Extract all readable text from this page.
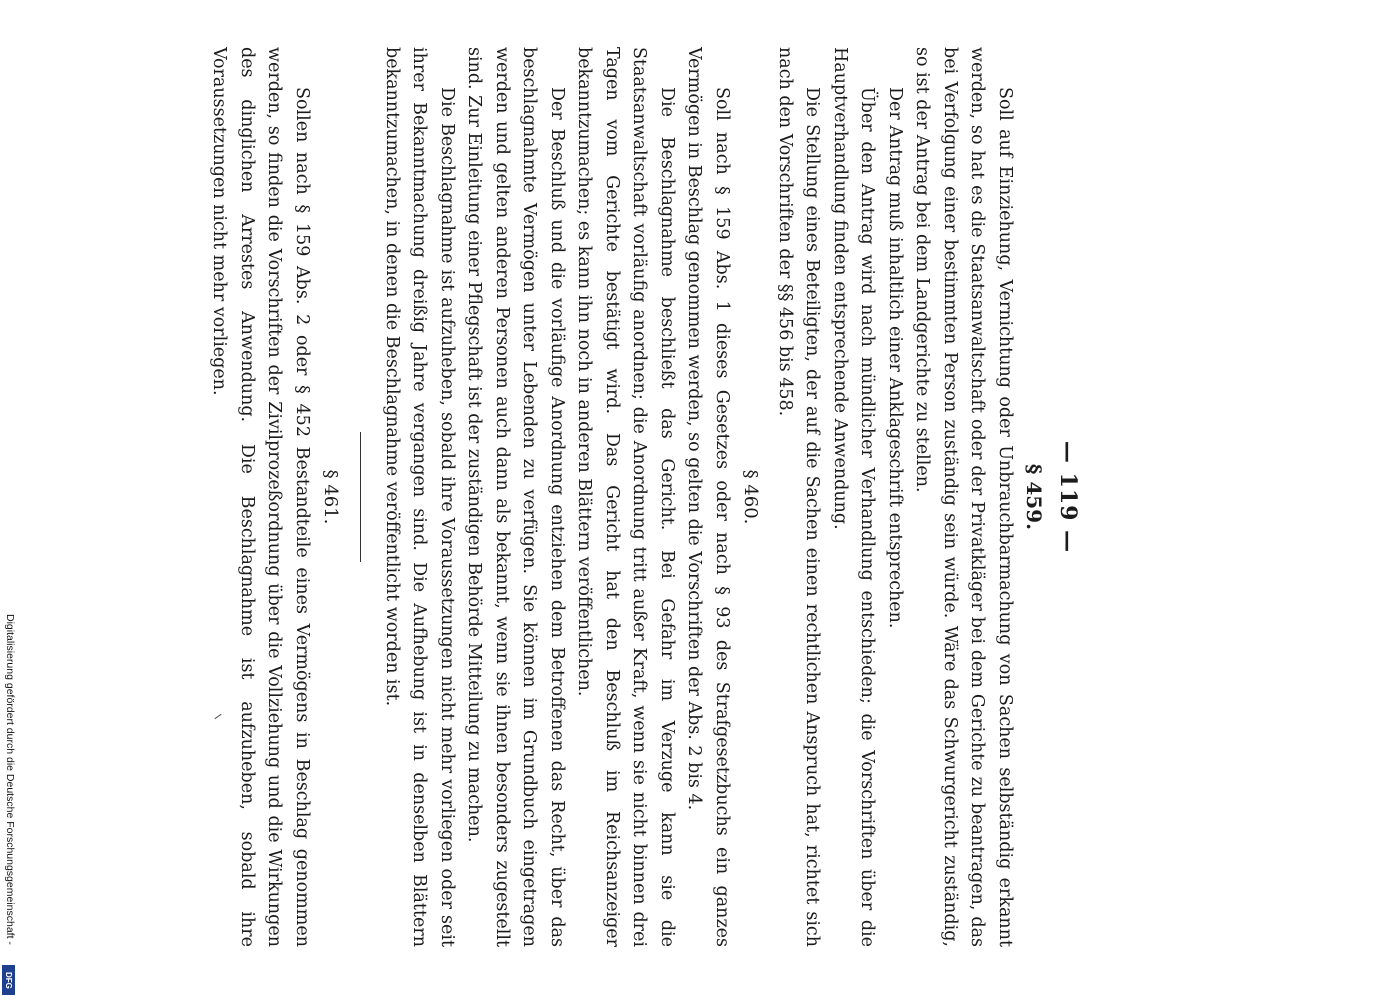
— 119 —
§ 459.

Soll auf Einziehung, Vernichtung oder Unbrauchbarmachung von Sachen selbständig erkannt werden, so hat es die Staatsanwaltschaft oder der Privatkläger bei dem Gerichte zu beantragen, das bei Verfolgung einer bestimmten Person zuständig sein würde. Wäre das Schwurgericht zuständig, so ist der Antrag bei dem Landgerichte zu stellen.

Der Antrag muß inhaltlich einer Anklageschrift entsprechen.

Über den Antrag wird nach mündlicher Verhandlung entschieden; die Vorschriften über die Hauptverhandlung finden entsprechende Anwendung.

Die Stellung eines Beteiligten, der auf die Sachen einen rechtlichen Anspruch hat, richtet sich nach den Vorschriften der §§ 456 bis 458.

§ 460.

Soll nach § 159 Abs. 1 dieses Gesetzes oder nach § 93 des Strafgesetzbuchs ein ganzes Vermögen in Beschlag genommen werden, so gelten die Vorschriften der Abs. 2 bis 4.

Die Beschlagnahme beschließt das Gericht. Bei Gefahr im Verzuge kann sie die Staatsanwaltschaft vorläufig anordnen; die Anordnung tritt außer Kraft, wenn sie nicht binnen drei Tagen vom Gerichte bestätigt wird. Das Gericht hat den Beschluß im Reichsanzeiger bekanntzumachen; es kann ihn noch in anderen Blättern veröffentlichen.

Der Beschluß und die vorläufige Anordnung entziehen dem Betroffenen das Recht, über das beschlagnahmte Vermögen unter Lebenden zu verfügen. Sie können im Grundbuch eingetragen werden und gelten anderen Personen auch dann als bekannt, wenn sie ihnen besonders zugestellt sind. Zur Einleitung einer Pflegschaft ist der zuständigen Behörde Mitteilung zu machen.

Die Beschlagnahme ist aufzuheben, sobald ihre Voraussetzungen nicht mehr vorliegen oder seit ihrer Bekanntmachung dreißig Jahre vergangen sind. Die Aufhebung ist in denselben Blättern bekanntzumachen, in denen die Beschlagnahme veröffentlicht worden ist.

§ 461.

Sollen nach § 159 Abs. 2 oder § 452 Bestandteile eines Vermögens in Beschlag genommen werden, so finden die Vorschriften der Zivilprozeßordnung über die Vollziehung und die Wirkungen des dinglichen Arrestes Anwendung. Die Beschlagnahme ist aufzuheben, sobald ihre Voraussetzungen nicht mehr vorliegen.

Digitalisierung gefördert durch die Deutsche Forschungsgemeinschaft -
DFG
